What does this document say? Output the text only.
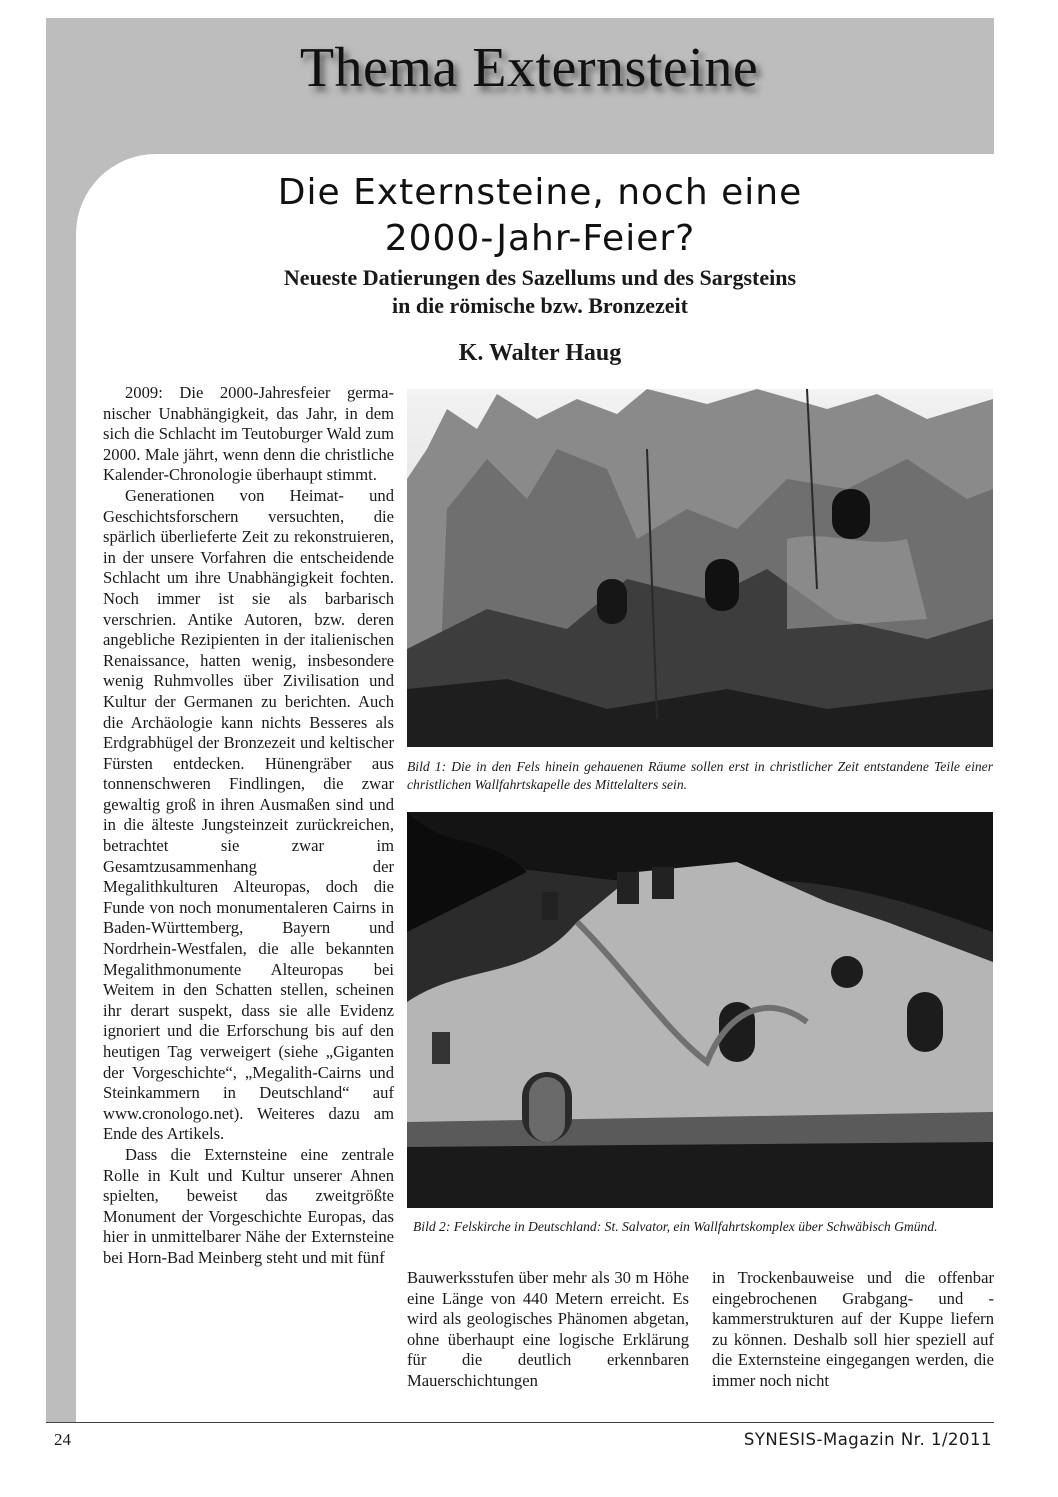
Thema Externsteine
Die Externsteine, noch eine
2000-Jahr-Feier?
Neueste Datierungen des Sazellums und des Sargsteins
in die römische bzw. Bronzezeit
K. Walter Haug

2009: Die 2000-Jahresfeier germanischer Unabhängigkeit, das Jahr, in dem sich die Schlacht im Teutoburger Wald zum 2000. Male jährt, wenn denn die christliche Kalender-Chronologie überhaupt stimmt.

Generationen von Heimat- und Geschichtsforschern versuchten, die spärlich überlieferte Zeit zu rekonstruieren, in der unsere Vorfahren die entscheidende Schlacht um ihre Unabhängigkeit fochten. Noch immer ist sie als barbarisch verschrien. Antike Autoren, bzw. deren angebliche Rezipienten in der italienischen Renaissance, hatten wenig, insbesondere wenig Ruhmvolles über Zivilisation und Kultur der Germanen zu berichten. Auch die Archäologie kann nichts Besseres als Erdgrabhügel der Bronzezeit und keltischer Fürsten entdecken. Hünengräber aus tonnenschweren Findlingen, die zwar gewaltig groß in ihren Ausmaßen sind und in die älteste Jungsteinzeit zurückreichen, betrachtet sie zwar im Gesamtzusammenhang der Megalithkulturen Alteuropas, doch die Funde von noch monumentaleren Cairns in Baden-Württemberg, Bayern und Nordrhein-Westfalen, die alle bekannten Megalithmonumente Alteuropas bei Weitem in den Schatten stellen, scheinen ihr derart suspekt, dass sie alle Evidenz ignoriert und die Erforschung bis auf den heutigen Tag verweigert (siehe „Giganten der Vorgeschichte“, „Megalith-Cairns und Steinkammern in Deutschland“ auf www.cronologo.net). Weiteres dazu am Ende des Artikels.

Dass die Externsteine eine zentrale Rolle in Kult und Kultur unserer Ahnen spielten, beweist das zweitgrößte Monument der Vorgeschichte Europas, das hier in unmittelbarer Nähe der Externsteine bei Horn-Bad Meinberg steht und mit fünf

Bild 1: Die in den Fels hinein gehauenen Räume sollen erst in christlicher Zeit entstandene Teile einer christlichen Wallfahrtskapelle des Mittelalters sein.
Bild 2: Felskirche in Deutschland: St. Salvator, ein Wallfahrtskomplex über Schwäbisch Gmünd.
Bauwerksstufen über mehr als 30 m Höhe eine Länge von 440 Metern erreicht. Es wird als geologisches Phänomen abgetan, ohne überhaupt eine logische Erklärung für die deutlich erkennbaren Mauerschichtungen
in Trockenbauweise und die offenbar eingebrochenen Grabgang- und -kammerstrukturen auf der Kuppe liefern zu können. Deshalb soll hier speziell auf die Externsteine eingegangen werden, die immer noch nicht
24	SYNESIS-Magazin Nr. 1/2011
